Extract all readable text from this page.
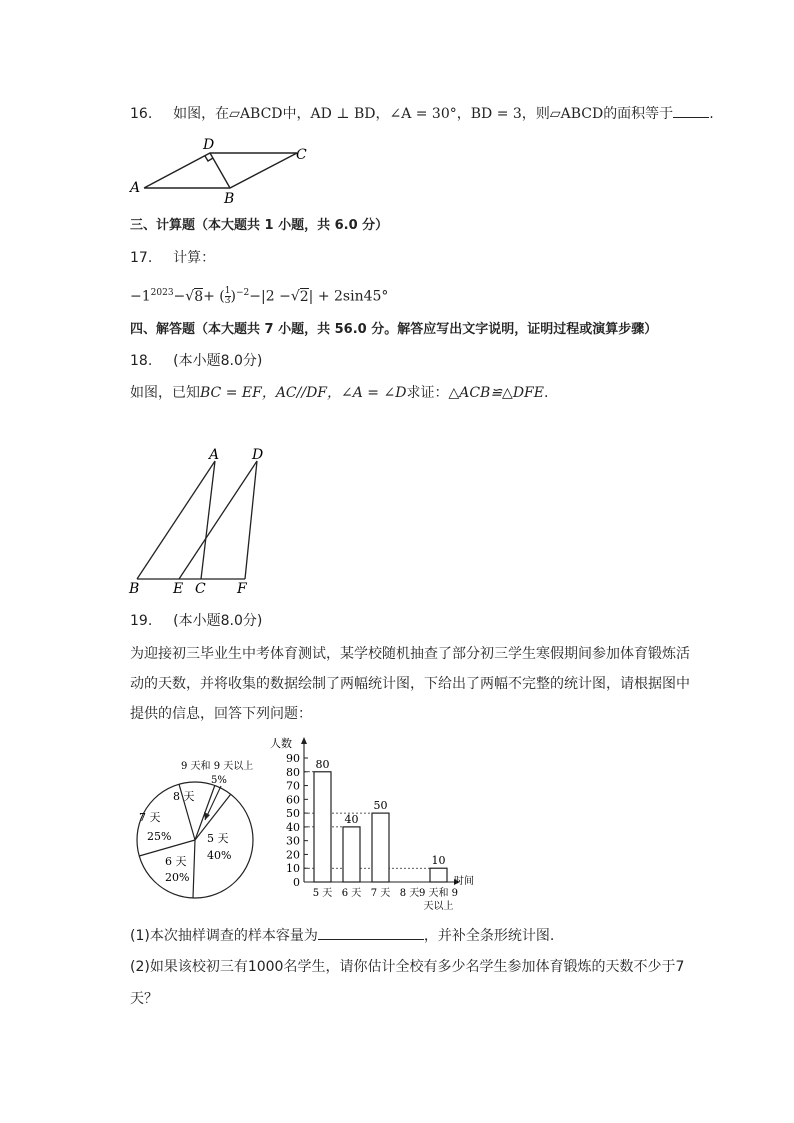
16. 如图，在▱ABCD中，AD ⊥ BD，∠A = 30°，BD = 3，则▱ABCD的面积等于	.
A
D
C
B
三、计算题（本大题共 1 小题，共 6.0 分）
17. 计算：
$-1^{2023}-√8+$ ( $\frac{1}{3} )^{-2}-|2 -√2| + 2\sin 45^\circ$
四、解答题（本大题共 7 小题，共 56.0 分。解答应写出文字说明，证明过程或演算步骤）
18. (本小题8.0分)
如图，已知BC = EF，AC//DF，∠A = ∠D求证：△ACB≌△DFE.
A D
B E C F
19. (本小题8.0分)
为迎接初三毕业生中考体育测试，某学校随机抽查了部分初三学生寒假期间参加体育锻炼活
动的天数，并将收集的数据绘制了两幅统计图，下给出了两幅不完整的统计图，请根据图中
提供的信息，回答下列问题：
9 天和 9 天以上
5%
8 天
7 天
25%	5 天
40%
6 天
20%	0
10
20
30
40
50
60
70
80
90 80
5 天
40
6 天
50
7 天 8 天
10
9 天和 9
天以上
人数
时间
(1)本次抽样调查的样本容量为	，并补全条形统计图.
(2)如果该校初三有1000名学生，请你估计全校有多少名学生参加体育锻炼的天数不少于7
天？
